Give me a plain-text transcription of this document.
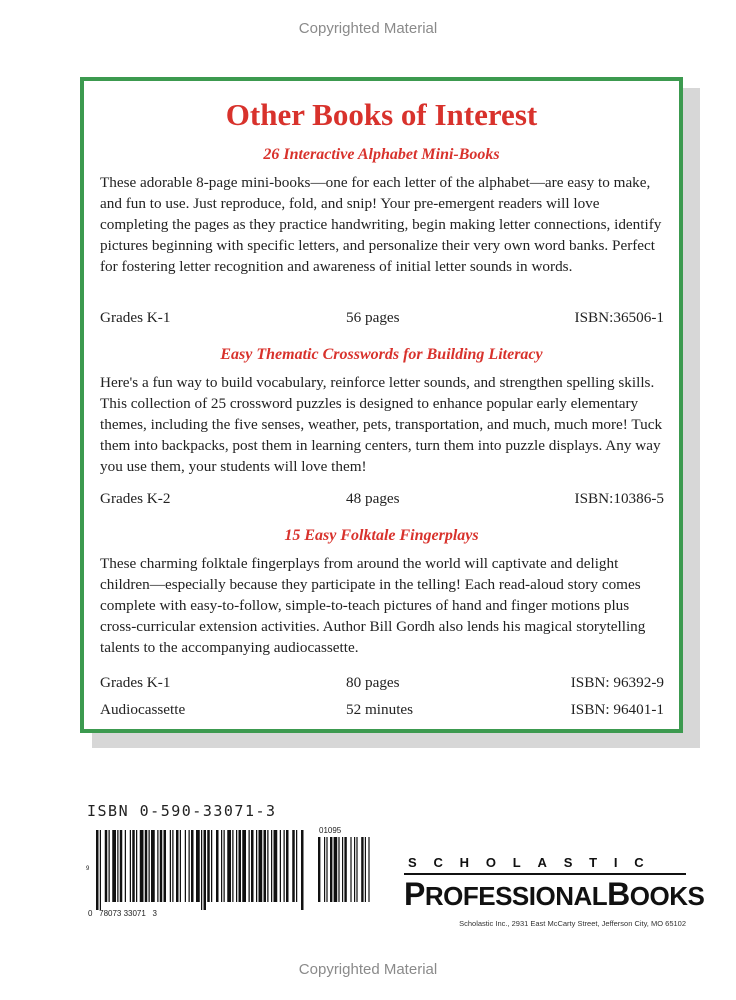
Copyrighted Material
Other Books of Interest
26 Interactive Alphabet Mini-Books
These adorable 8-page mini-books—one for each letter of the alphabet—are easy to make, and fun to use. Just reproduce, fold, and snip! Your pre-emergent readers will love completing the pages as they practice handwriting, begin making letter connections, identify pictures beginning with specific letters, and personalize their very own word banks. Perfect for fostering letter recognition and awareness of initial letter sounds in words.
Grades K-1	56 pages	ISBN:36506-1
Easy Thematic Crosswords for Building Literacy
Here's a fun way to build vocabulary, reinforce letter sounds, and strengthen spelling skills. This collection of 25 crossword puzzles is designed to enhance popular early elementary themes, including the five senses, weather, pets, transportation, and much, much more! Tuck them into backpacks, post them in learning centers, turn them into puzzle displays. Any way you use them, your students will love them!
Grades K-2	48 pages	ISBN:10386-5
15 Easy Folktale Fingerplays
These charming folktale fingerplays from around the world will captivate and delight children—especially because they participate in the telling! Each read-aloud story comes complete with easy-to-follow, simple-to-teach pictures of hand and finger motions plus cross-curricular extension activities. Author Bill Gordh also lends his magical storytelling talents to the accompanying audiocassette.
Grades K-1	80 pages	ISBN: 96392-9
Audiocassette	52 minutes	ISBN: 96401-1
ISBN 0-590-33071-3
01095
0   78073 33071   3
9	SCHOLASTIC
PROFESSIONALBOOKS
Scholastic Inc., 2931 East McCarty Street, Jefferson City, MO 65102
Copyrighted Material
